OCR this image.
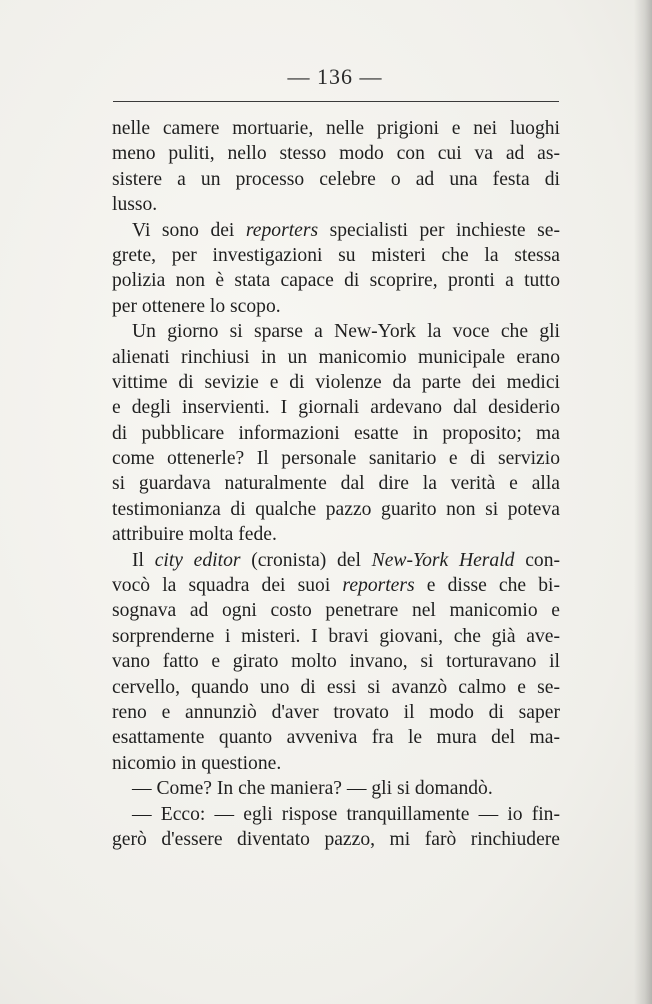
— 136 —
nelle camere mortuarie, nelle prigioni e nei luoghi
meno puliti, nello stesso modo con cui va ad as-
sistere a un processo celebre o ad una festa di
lusso.
Vi sono dei reporters specialisti per inchieste se-
grete, per investigazioni su misteri che la stessa
polizia non è stata capace di scoprire, pronti a tutto
per ottenere lo scopo.
Un giorno si sparse a New-York la voce che gli
alienati rinchiusi in un manicomio municipale erano
vittime di sevizie e di violenze da parte dei medici
e degli inservienti. I giornali ardevano dal desiderio
di pubblicare informazioni esatte in proposito; ma
come ottenerle? Il personale sanitario e di servizio
si guardava naturalmente dal dire la verità e alla
testimonianza di qualche pazzo guarito non si poteva
attribuire molta fede.
Il city editor (cronista) del New-York Herald con-
vocò la squadra dei suoi reporters e disse che bi-
sognava ad ogni costo penetrare nel manicomio e
sorprenderne i misteri. I bravi giovani, che già ave-
vano fatto e girato molto invano, si torturavano il
cervello, quando uno di essi si avanzò calmo e se-
reno e annunziò d'aver trovato il modo di saper
esattamente quanto avveniva fra le mura del ma-
nicomio in questione.
— Come? In che maniera? — gli si domandò.
— Ecco: — egli rispose tranquillamente — io fin-
gerò d'essere diventato pazzo, mi farò rinchiudere
